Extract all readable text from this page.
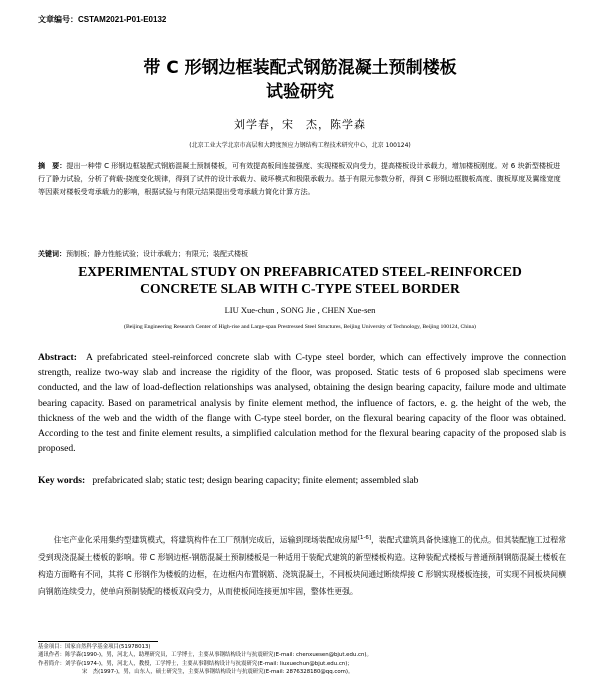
文章编号：CSTAM2021-P01-E0132
带 C 形钢边框装配式钢筋混凝土预制楼板
试验研究
刘学春，宋　杰，陈学森
(北京工业大学北京市高层和大跨度预应力钢结构工程技术研究中心，北京 100124)
摘　要：提出一种带 C 形钢边框装配式钢筋混凝土预制楼板，可有效提高板间连接强度、实现楼板双向受力，提高楼板设计承载力，增加楼板刚度。对 6 块新型楼板进行了静力试验，分析了荷载-挠度变化规律，得到了试件的设计承载力、破坏模式和极限承载力。基于有限元参数分析，得到 C 形钢边框腹板高度、腹板厚度及翼缘宽度等因素对楼板受弯承载力的影响，根据试验与有限元结果提出受弯承载力简化计算方法。
关键词：预制板；静力性能试验；设计承载力；有限元；装配式楼板
EXPERIMENTAL STUDY ON PREFABRICATED STEEL-REINFORCED
CONCRETE SLAB WITH C-TYPE STEEL BORDER
LIU Xue-chun , SONG Jie , CHEN Xue-sen
(Beijing Engineering Research Center of High-rise and Large-span Prestressed Steel Structures, Beijing University of Technology, Beijing 100124, China)
Abstract: A prefabricated steel-reinforced concrete slab with C-type steel border, which can effectively improve the connection strength, realize two-way slab and increase the rigidity of the floor, was proposed. Static tests of 6 proposed slab specimens were conducted, and the law of load-deflection relationships was analysed, obtaining the design bearing capacity, failure mode and ultimate bearing capacity. Based on parametrical analysis by finite element method, the influence of factors, e. g. the height of the web, the thickness of the web and the width of the flange with C-type steel border, on the flexural bearing capacity of the floor was obtained. According to the test and finite element results, a simplified calculation method for the flexural bearing capacity of the proposed slab is proposed.
Key words: prefabricated slab; static test; design bearing capacity; finite element; assembled slab
住宅产业化采用集约型建筑模式，将建筑构件在工厂预制完成后，运输到现场装配成房屋[1-6]，装配式建筑具备快速施工的优点。但其装配施工过程常受到现浇混凝土楼板的影响。带 C 形钢边框-钢筋混凝土预制楼板是一种适用于装配式建筑的新型楼板构造。这种装配式楼板与普通预制钢筋混凝土楼板在构造方面略有不同，其将 C 形钢作为楼板的边框，在边框内布置钢筋、浇筑混凝土，不同板块间通过断续焊接 C 形钢实现楼板连接，可实现不同板块间横向钢筋连续受力，使单向预制装配的楼板双向受力，从而使板间连接更加牢固，整体性更强。
基金项目：国家自然科学基金项目(51978013)
通讯作者：陈学森(1990-)，男，河北人，助理研究员，工学博士，主要从事钢结构设计与抗震研究(E-mail: chenxuesen@bjut.edu.cn)。
作者简介：刘学春(1974-)，男，河北人，教授，工学博士，主要从事钢结构设计与抗震研究(E-mail: liuxuechun@bjut.edu.cn)；
宋　杰(1997-)，男，山东人，硕士研究生，主要从事钢结构设计与抗震研究(E-mail: 2876328180@qq.com)。
